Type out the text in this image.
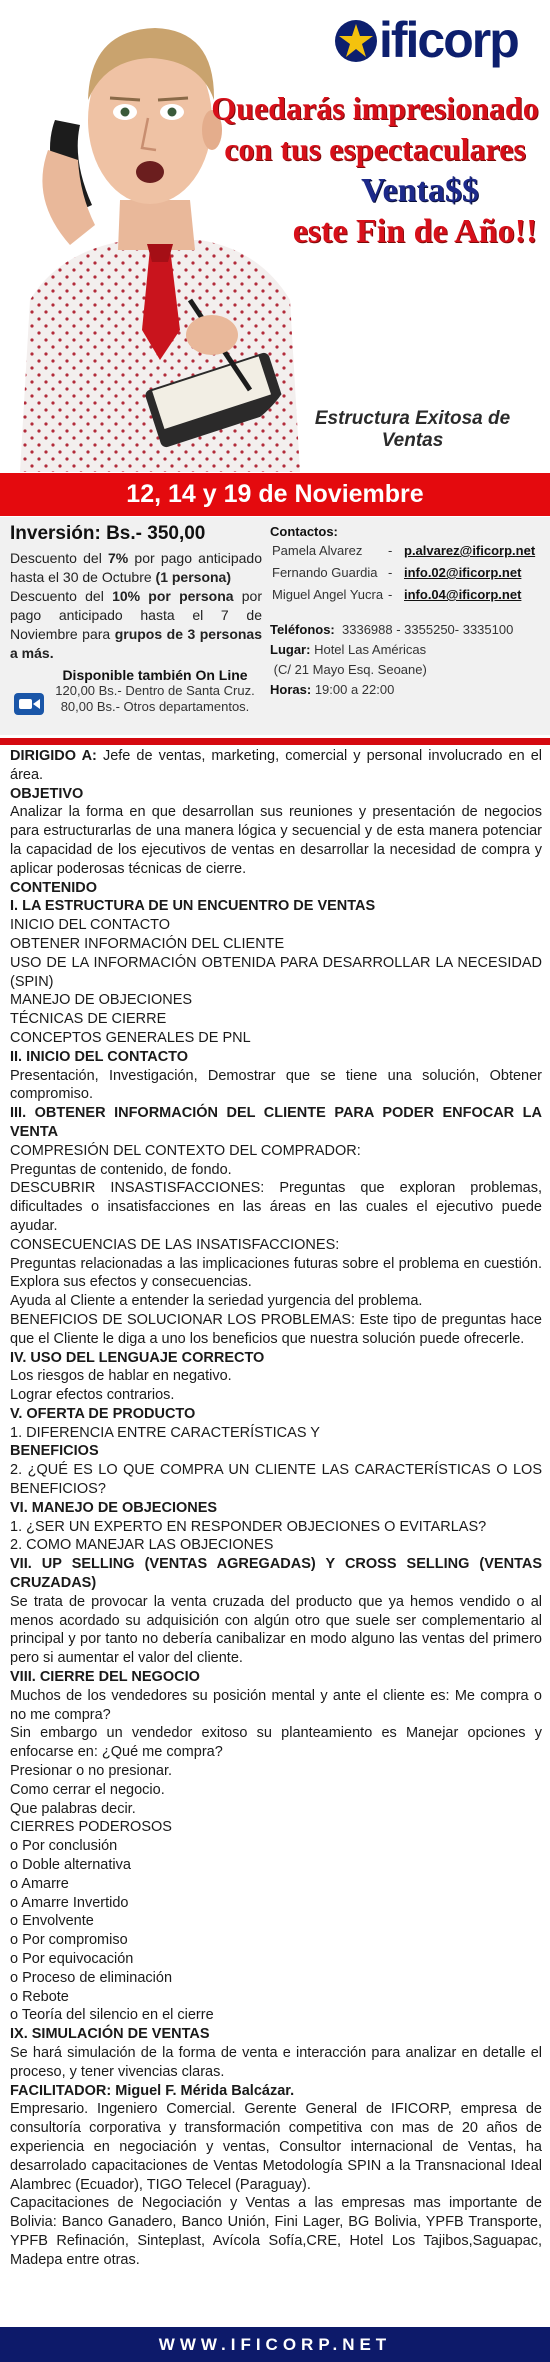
ificorp
Quedarás impresionado
con tus espectaculares
Venta$$
este Fin de Año!!
Estructura Exitosa de Ventas
12, 14 y 19 de Noviembre
Inversión: Bs.- 350,00
Descuento del 7% por pago anticipado hasta el 30 de Octubre (1 persona)
Descuento del 10% por persona por pago anticipado hasta el 7 de Noviembre para grupos de 3 personas a más.
Disponible también On Line
120,00 Bs.- Dentro de Santa Cruz.
80,00 Bs.- Otros departamentos.
Contactos:
Pamela Alvarez - p.alvarez@ificorp.net
Fernando Guardia - info.02@ificorp.net
Miguel Angel Yucra - info.04@ificorp.net
Teléfonos: 3336988 - 3355250- 3335100
Lugar: Hotel Las Américas
(C/ 21 Mayo Esq. Seoane)
Horas: 19:00 a 22:00

DIRIGIDO A: Jefe de ventas, marketing, comercial y personal involucrado en el área.

OBJETIVO

Analizar la forma en que desarrollan sus reuniones y presentación de negocios para estructurarlas de una manera lógica y secuencial y de esta manera potenciar la capacidad de los ejecutivos de ventas en desarrollar la necesidad de compra y aplicar poderosas técnicas de cierre.

CONTENIDO

I. LA ESTRUCTURA DE UN ENCUENTRO DE VENTAS

INICIO DEL CONTACTO

OBTENER INFORMACIÓN DEL CLIENTE

USO DE LA INFORMACIÓN OBTENIDA PARA DESARROLLAR LA NECESIDAD (SPIN)

MANEJO DE OBJECIONES

TÉCNICAS DE CIERRE

CONCEPTOS GENERALES DE PNL

II. INICIO DEL CONTACTO

Presentación, Investigación, Demostrar que se tiene una solución, Obtener compromiso.

III. OBTENER INFORMACIÓN DEL CLIENTE PARA PODER ENFOCAR LA VENTA

COMPRESIÓN DEL CONTEXTO DEL COMPRADOR:

Preguntas de contenido, de fondo.

DESCUBRIR INSASTISFACCIONES: Preguntas que exploran problemas, dificultades o insatisfacciones en las áreas en las cuales el ejecutivo puede ayudar.

CONSECUENCIAS DE LAS INSATISFACCIONES:

Preguntas relacionadas a las implicaciones futuras sobre el problema en cuestión. Explora sus efectos y consecuencias.

Ayuda al Cliente a entender la seriedad yurgencia del problema.

BENEFICIOS DE SOLUCIONAR LOS PROBLEMAS: Este tipo de preguntas hace que el Cliente le diga a uno los beneficios que nuestra solución puede ofrecerle.

IV. USO DEL LENGUAJE CORRECTO

Los riesgos de hablar en negativo.

Lograr efectos contrarios.

V. OFERTA DE PRODUCTO

1. DIFERENCIA ENTRE CARACTERÍSTICAS Y

BENEFICIOS

2. ¿QUÉ ES LO QUE COMPRA UN CLIENTE LAS CARACTERÍSTICAS O LOS BENEFICIOS?

VI. MANEJO DE OBJECIONES

1. ¿SER UN EXPERTO EN RESPONDER OBJECIONES O EVITARLAS?

2. COMO MANEJAR LAS OBJECIONES

VII. UP SELLING (VENTAS AGREGADAS) Y CROSS SELLING (VENTAS CRUZADAS)

Se trata de provocar la venta cruzada del producto que ya hemos vendido o al menos acordado su adquisición con algún otro que suele ser complementario al principal y por tanto no debería canibalizar en modo alguno las ventas del primero pero si aumentar el valor del cliente.

VIII. CIERRE DEL NEGOCIO

Muchos de los vendedores su posición mental y ante el cliente es: Me compra o no me compra?

Sin embargo un vendedor exitoso su planteamiento es Manejar opciones y enfocarse en: ¿Qué me compra?

Presionar o no presionar.

Como cerrar el negocio.

Que palabras decir.

CIERRES PODEROSOS

o Por conclusión

o Doble alternativa

o Amarre

o Amarre Invertido

o Envolvente

o Por compromiso

o Por equivocación

o Proceso de eliminación

o Rebote

o Teoría del silencio en el cierre

IX. SIMULACIÓN DE VENTAS

Se hará simulación de la forma de venta e interacción para analizar en detalle el proceso, y tener vivencias claras.

FACILITADOR: Miguel F. Mérida Balcázar.

Empresario. Ingeniero Comercial. Gerente General de IFICORP, empresa de consultoría corporativa y transformación competitiva con mas de 20 años de experiencia en negociación y ventas, Consultor internacional de Ventas, ha desarrolado capacitaciones de Ventas Metodología SPIN a la Transnacional Ideal Alambrec (Ecuador), TIGO Telecel (Paraguay).

Capacitaciones de Negociación y Ventas a las empresas mas importante de Bolivia: Banco Ganadero, Banco Unión, Fini Lager, BG Bolivia, YPFB Transporte, YPFB Refinación, Sinteplast, Avícola Sofía,CRE, Hotel Los Tajibos,Saguapac, Madepa entre otras.

WWW.IFICORP.NET
